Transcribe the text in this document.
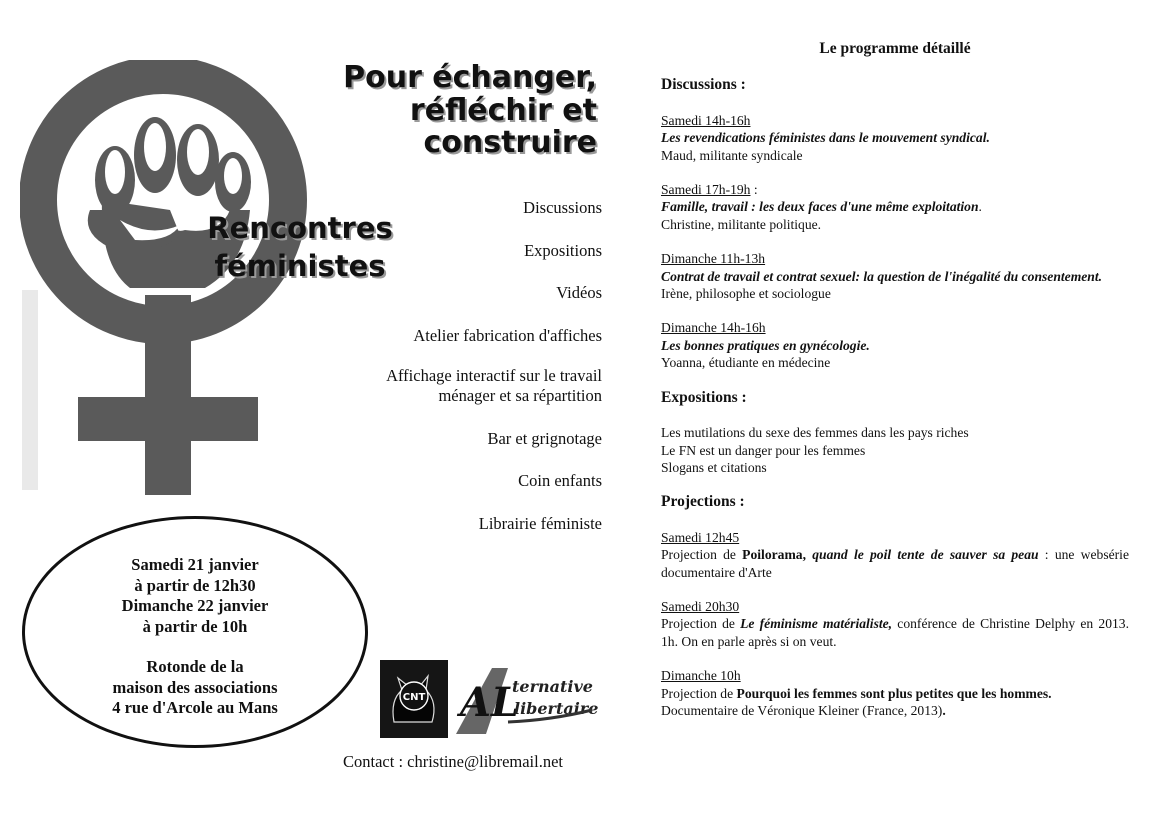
Pour échanger,
réfléchir et
construire
Rencontres
féministes
Discussions
Expositions
Vidéos
Atelier fabrication d'affiches
Affichage interactif sur le travail
ménager et sa répartition
Bar et grignotage
Coin enfants
Librairie féministe
Samedi 21 janvier
à partir de 12h30
Dimanche 22 janvier
à partir de 10h
Rotonde de la
maison des associations
4 rue d'Arcole au Mans
CNT AL
ternative
libertaire
Contact : christine@libremail.net
Le programme détaillé
Discussions :
Samedi 14h-16h
Les revendications féministes dans le mouvement syndical.
Maud, militante syndicale
Samedi 17h-19h :
Famille, travail : les deux faces d'une même exploitation.
Christine, militante politique.
Dimanche 11h-13h
Contrat de travail et contrat sexuel: la question de l'inégalité du consentement.
Irène, philosophe et sociologue
Dimanche 14h-16h
Les bonnes pratiques en gynécologie.
Yoanna, étudiante en médecine
Expositions :
Les mutilations du sexe des femmes dans les pays riches
Le FN est un danger pour les femmes
Slogans et citations
Projections :
Samedi 12h45
Projection de Poilorama, quand le poil tente de sauver sa peau : une websérie documentaire d'Arte
Samedi 20h30
Projection de Le féminisme matérialiste, conférence de Christine Delphy en 2013. 1h. On en parle après si on veut.
Dimanche 10h
Projection de Pourquoi les femmes sont plus petites que les hommes.
Documentaire de Véronique Kleiner (France, 2013).
